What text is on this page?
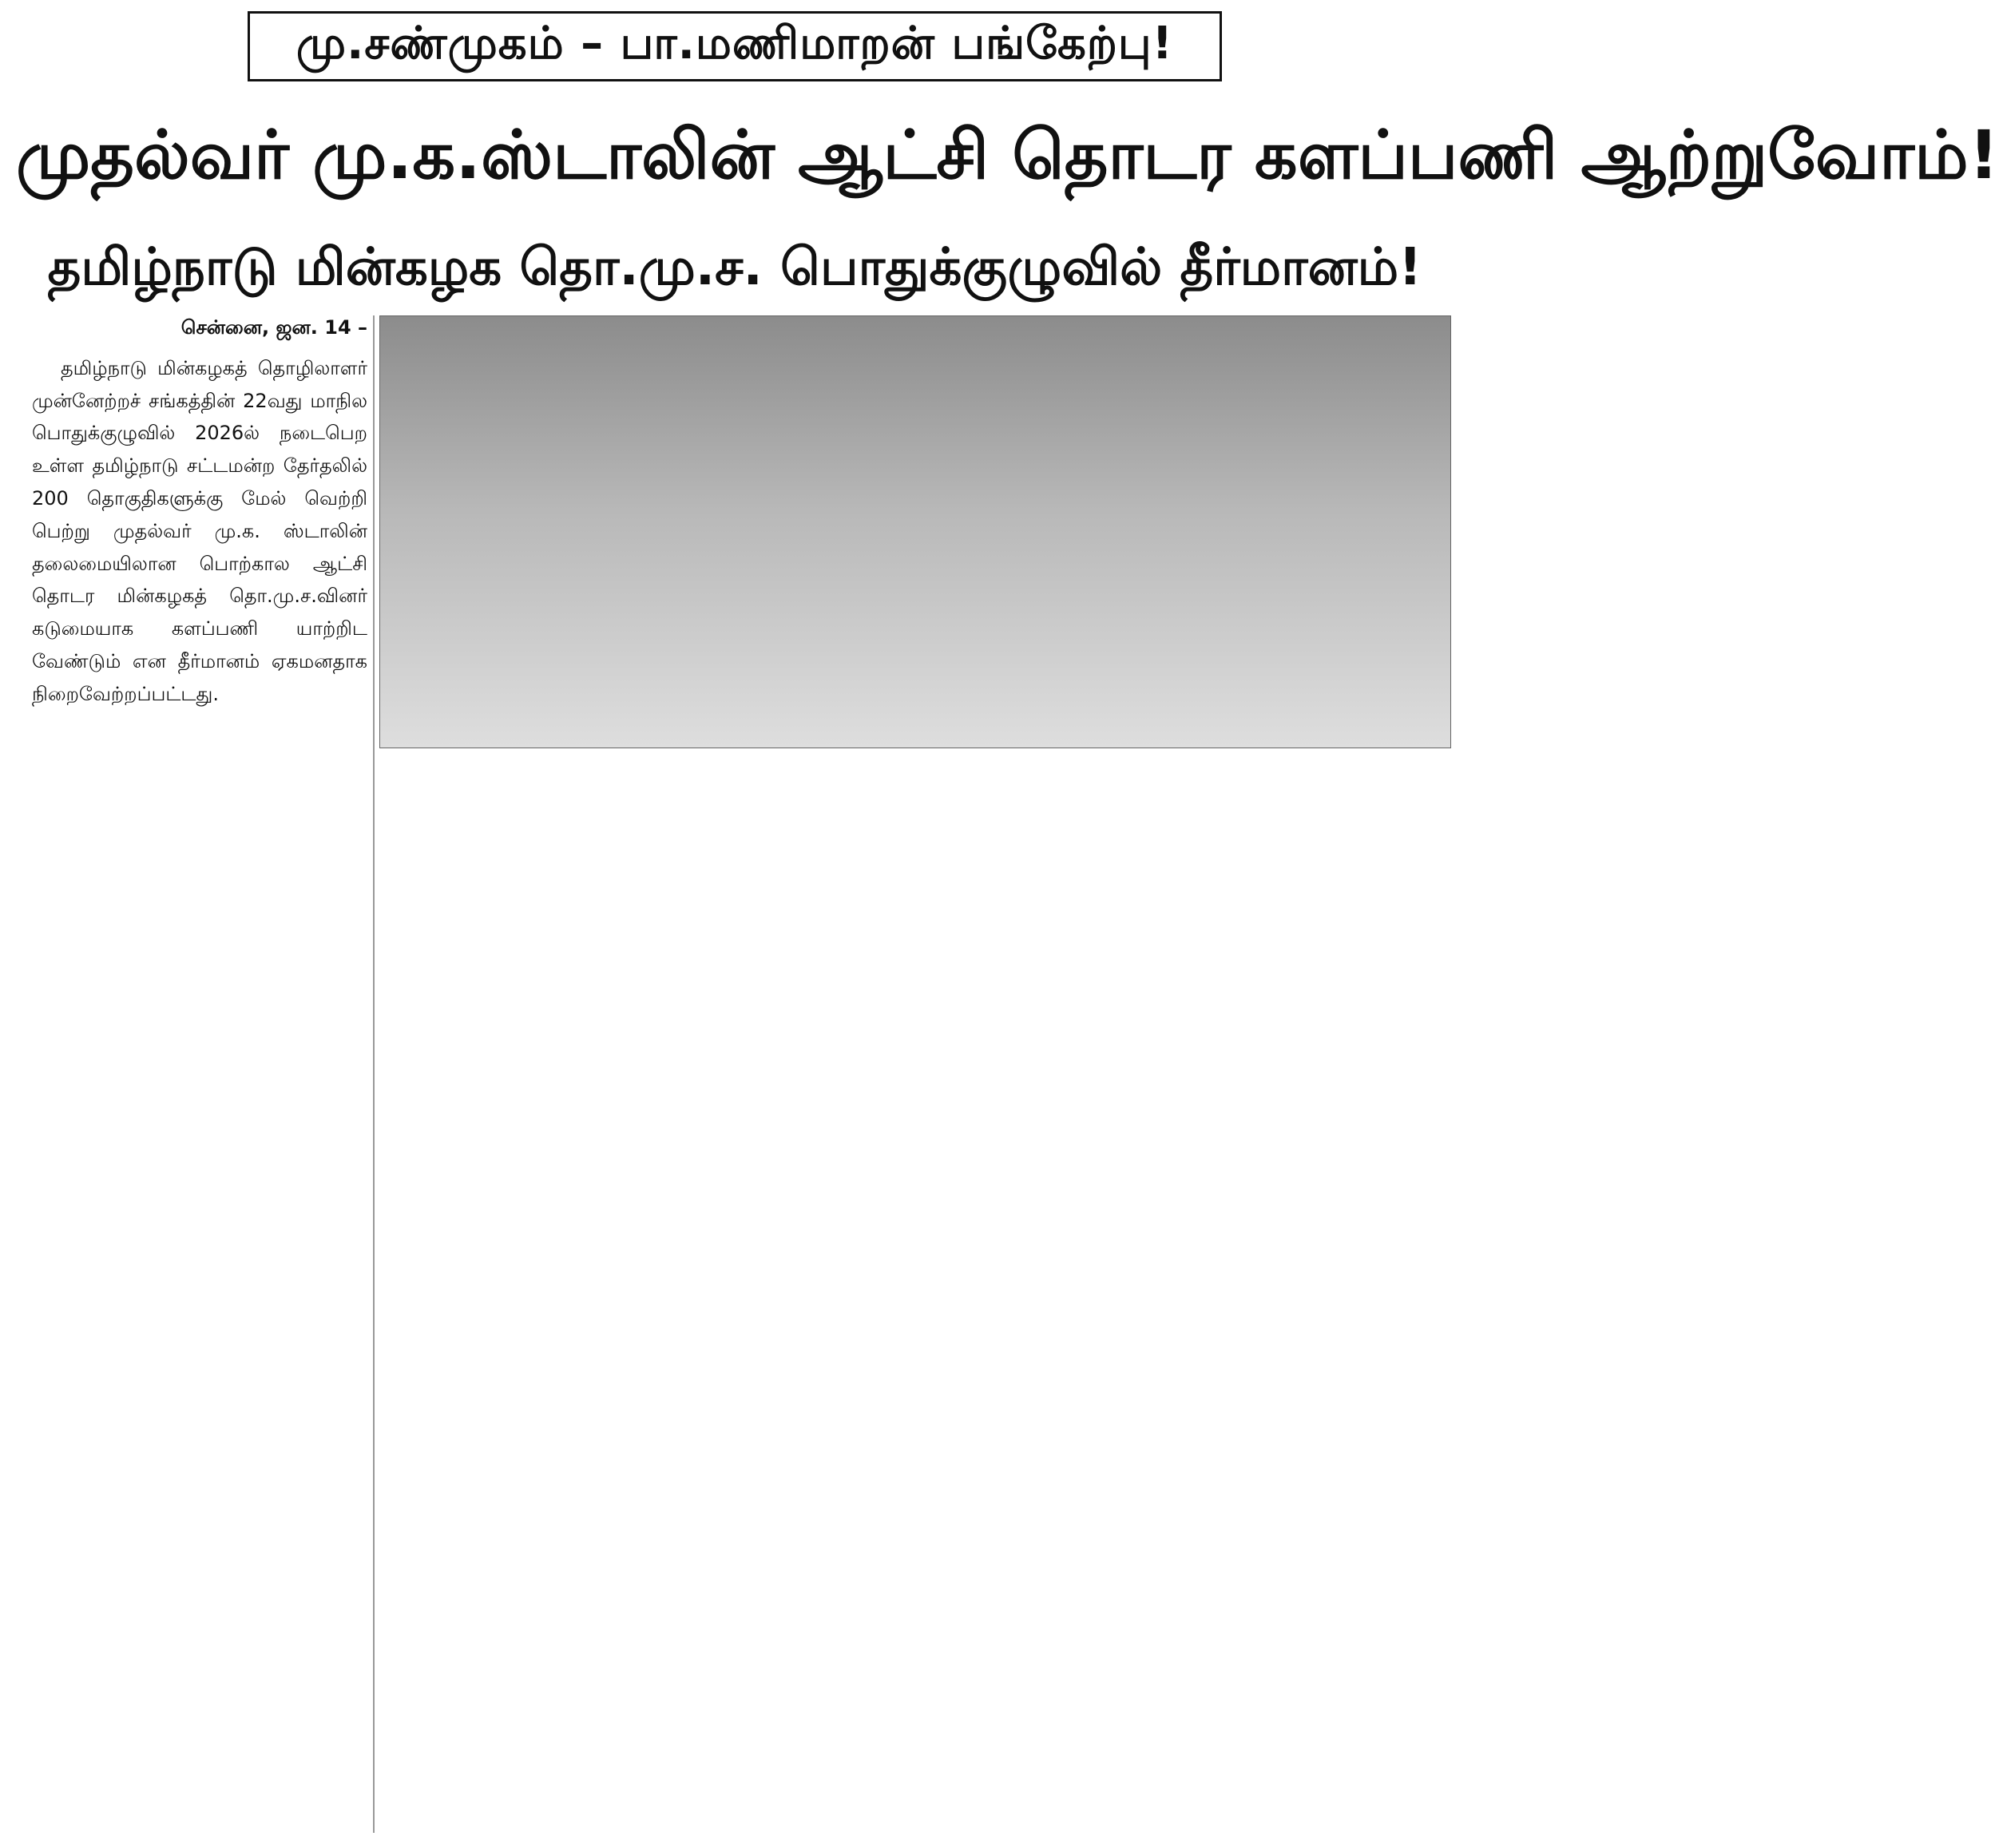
மு.சண்முகம் – பா.மணிமாறன் பங்கேற்பு!
முதல்வர் மு.க.ஸ்டாலின் ஆட்சி தொடர களப்பணி ஆற்றுவோம்!
தமிழ்நாடு மின்கழக தொ.மு.ச. பொதுக்குழுவில் தீர்மானம்!
சென்னை, ஜன. 14 –

தமிழ்நாடு மின்கழகத் தொழிலாளர் முன்னேற்றச் சங்கத்தின் 22வது மாநில பொதுக்குழுவில் 2026ல் நடைபெற உள்ள தமிழ்நாடு சட்டமன்ற தேர்தலில் 200 தொகுதிகளுக்கு மேல் வெற்றி பெற்று முதல்வர் மு.க. ஸ்டாலின் தலைமையிலான பொற்கால ஆட்சி தொடர மின்கழகத் தொ.மு.ச.வினர் கடுமையாக களப்பணி யாற்றிட வேண்டும் என தீர்மானம் ஏகமனதாக நிறைவேற்றப்பட்டது.
